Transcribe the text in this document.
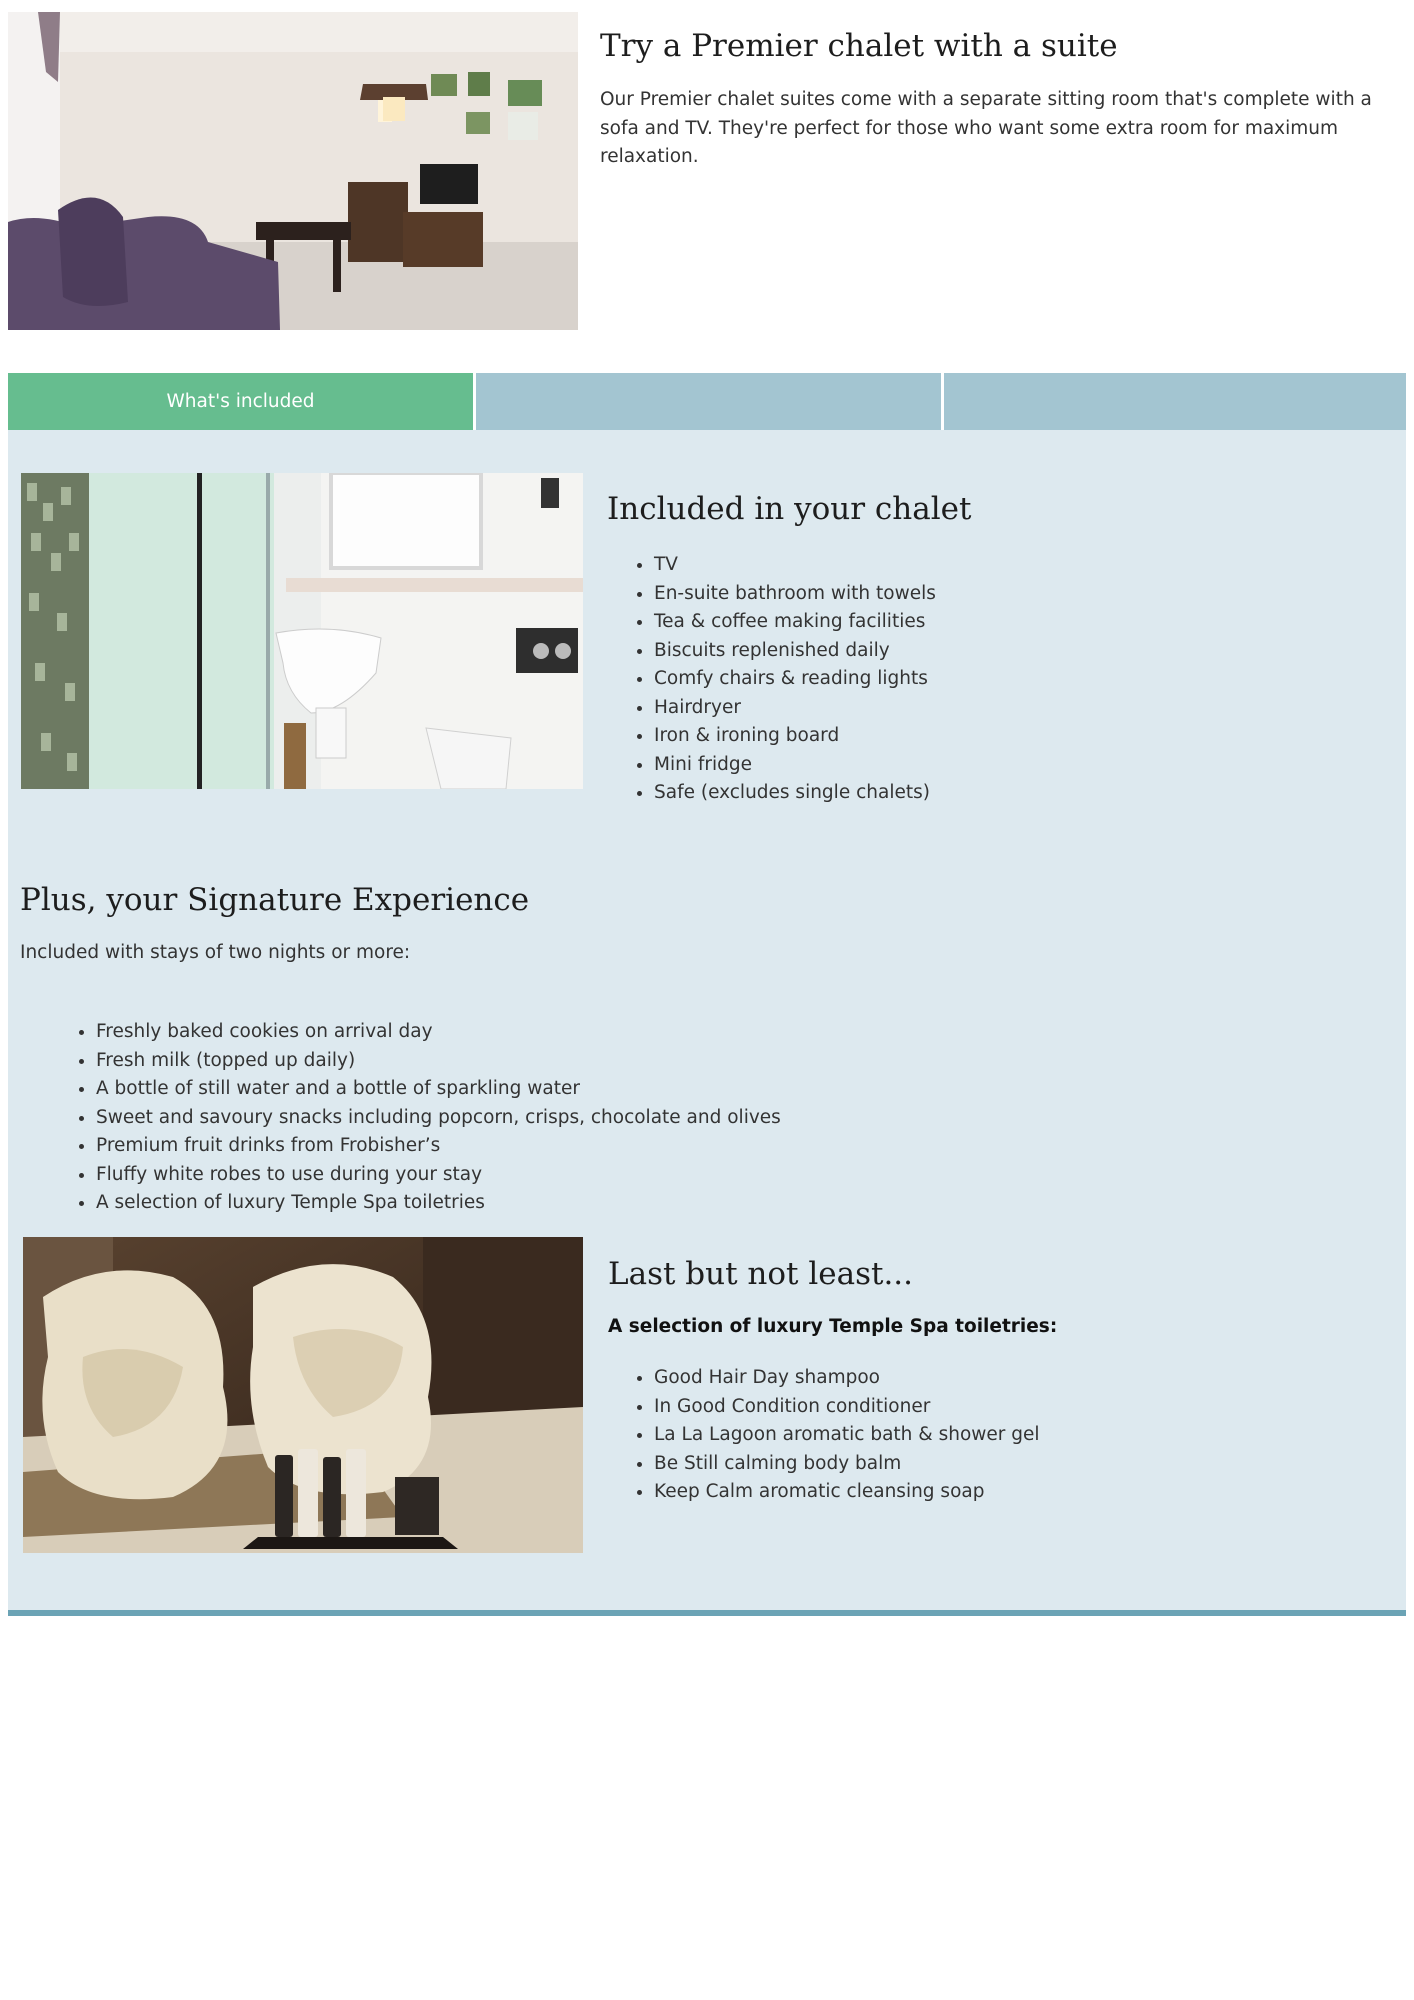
Try a Premier chalet with a suite

Our Premier chalet suites come with a separate sitting room that's complete with a sofa and TV. They're perfect for those who want some extra room for maximum relaxation.

What's included
Included in your chalet
• TV
• En-suite bathroom with towels
• Tea & coffee making facilities
• Biscuits replenished daily
• Comfy chairs & reading lights
• Hairdryer
• Iron & ironing board
• Mini fridge
• Safe (excludes single chalets)
Plus, your Signature Experience

Included with stays of two nights or more:

• Freshly baked cookies on arrival day
• Fresh milk (topped up daily)
• A bottle of still water and a bottle of sparkling water
• Sweet and savoury snacks including popcorn, crisps, chocolate and olives
• Premium fruit drinks from Frobisher’s
• Fluffy white robes to use during your stay
• A selection of luxury Temple Spa toiletries
Last but not least...

A selection of luxury Temple Spa toiletries:

• Good Hair Day shampoo
• In Good Condition conditioner
• La La Lagoon aromatic bath & shower gel
• Be Still calming body balm
• Keep Calm aromatic cleansing soap
